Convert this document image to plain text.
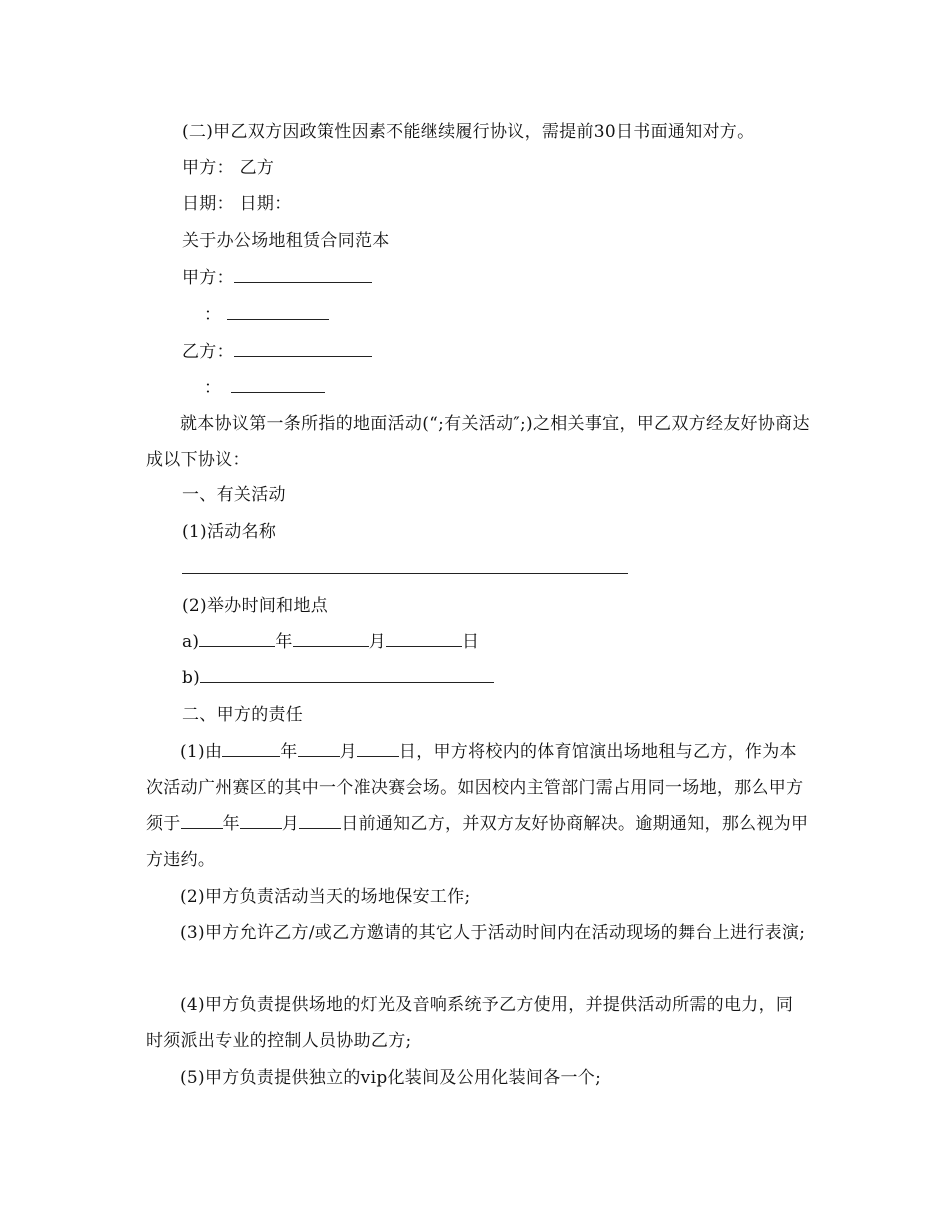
(二)甲乙双方因政策性因素不能继续履行协议，需提前30日书面通知对方。
甲方： 乙方
日期： 日期：
关于办公场地租赁合同范本
甲方：
：
乙方：
：
就本协议第一条所指的地面活动(“;有关活动″;)之相关事宜，甲乙双方经友好协商达成以下协议：
一、有关活动
(1)活动名称
(2)举办时间和地点
a)	年	月	日
b)
二、甲方的责任
(1)由	年 月 日，甲方将校内的体育馆演出场地租与乙方，作为本次活动广州赛区的其中一个准决赛会场。如因校内主管部门需占用同一场地，那么甲方须于 年 月 日前通知乙方，并双方友好协商解决。逾期通知，那么视为甲方违约。
(2)甲方负责活动当天的场地保安工作;
(3)甲方允许乙方/或乙方邀请的其它人于活动时间内在活动现场的舞台上进行表演;
(4)甲方负责提供场地的灯光及音响系统予乙方使用，并提供活动所需的电力，同时须派出专业的控制人员协助乙方;
(5)甲方负责提供独立的vip化装间及公用化装间各一个;
